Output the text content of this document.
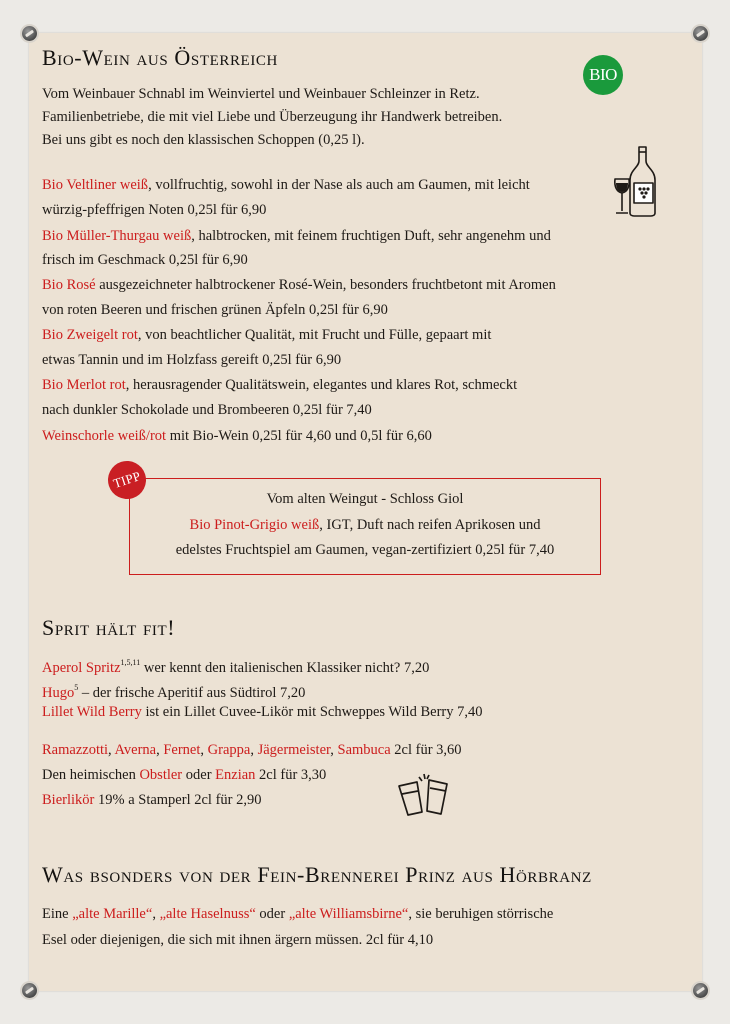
Bio-Wein aus Österreich
BIO
Vom Weinbauer Schnabl im Weinviertel und Weinbauer Schleinzer in Retz.
Familienbetriebe, die mit viel Liebe und Überzeugung ihr Handwerk betreiben.
Bei uns gibt es noch den klassischen Schoppen (0,25 l).
Bio Veltliner weiß, vollfruchtig, sowohl in der Nase als auch am Gaumen, mit leicht
würzig-pfeffrigen Noten 0,25l für 6,90
Bio Müller-Thurgau weiß, halbtrocken, mit feinem fruchtigen Duft, sehr angenehm und
frisch im Geschmack 0,25l für 6,90
Bio Rosé ausgezeichneter halbtrockener Rosé-Wein, besonders fruchtbetont mit Aromen
von roten Beeren und frischen grünen Äpfeln 0,25l für 6,90
Bio Zweigelt rot, von beachtlicher Qualität, mit Frucht und Fülle, gepaart mit
etwas Tannin und im Holzfass gereift 0,25l für 6,90
Bio Merlot rot, herausragender Qualitätswein, elegantes und klares Rot, schmeckt
nach dunkler Schokolade und Brombeeren 0,25l für 7,40
Weinschorle weiß/rot mit Bio-Wein 0,25l für 4,60 und 0,5l für 6,60
Vom alten Weingut - Schloss Giol
Bio Pinot-Grigio weiß, IGT, Duft nach reifen Aprikosen und
edelstes Fruchtspiel am Gaumen, vegan-zertifiziert 0,25l für 7,40
TIPP
Sprit hält fit!
Aperol Spritz$^{1,5,11}$ wer kennt den italienischen Klassiker nicht? 7,20
Hugo$^5$ – der frische Aperitif aus Südtirol 7,20
Lillet Wild Berry ist ein Lillet Cuvee-Likör mit Schweppes Wild Berry 7,40
Ramazzotti, Averna, Fernet, Grappa, Jägermeister, Sambuca 2cl für 3,60
Den heimischen Obstler oder Enzian 2cl für 3,30
Bierlikör 19% a Stamperl 2cl für 2,90
Was bsonders von der Fein-Brennerei Prinz aus Hörbranz
Eine „alte Marille“, „alte Haselnuss“ oder „alte Williamsbirne“, sie beruhigen störrische
Esel oder diejenigen, die sich mit ihnen ärgern müssen. 2cl für 4,10
